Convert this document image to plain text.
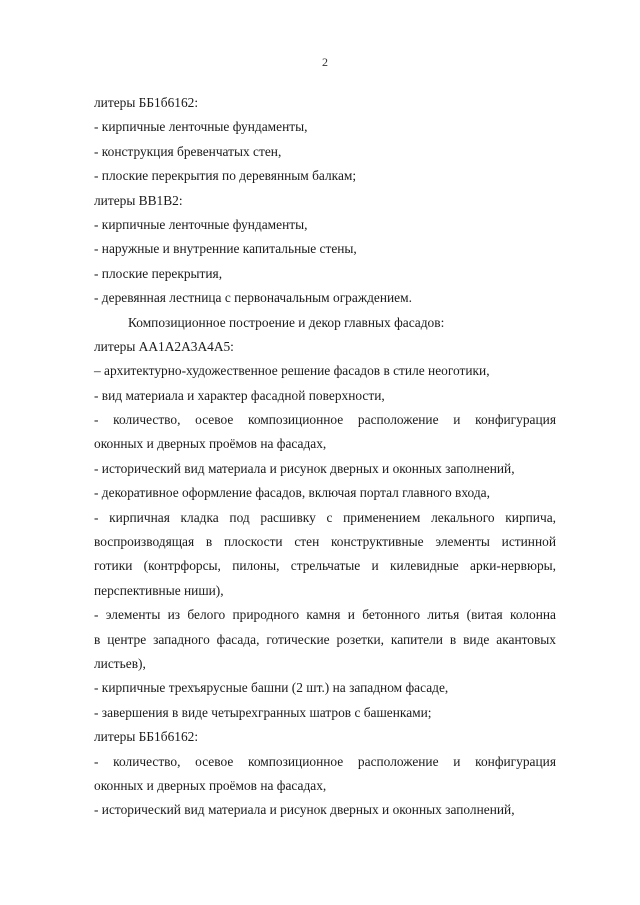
2
литеры ББ1б6162:
- кирпичные ленточные фундаменты,
- конструкция бревенчатых стен,
- плоские перекрытия по деревянным балкам;
литеры ВВ1В2:
- кирпичные ленточные фундаменты,
- наружные и внутренние капитальные стены,
- плоские перекрытия,
- деревянная лестница с первоначальным ограждением.
Композиционное построение и декор главных фасадов:
литеры АА1А2А3А4А5:
– архитектурно-художественное решение фасадов в стиле неоготики,
- вид материала и характер фасадной поверхности,
- количество, осевое композиционное расположение и конфигурация
оконных и дверных проёмов на фасадах,
- исторический вид материала и рисунок дверных и оконных заполнений,
- декоративное оформление фасадов, включая портал главного входа,
- кирпичная кладка под расшивку с применением лекального кирпича,
воспроизводящая в плоскости стен конструктивные элементы истинной
готики (контрфорсы, пилоны, стрельчатые и килевидные арки-нервюры,
перспективные ниши),
- элементы из белого природного камня и бетонного литья (витая колонна
в центре западного фасада, готические розетки, капители в виде акантовых
листьев),
- кирпичные трехъярусные башни (2 шт.) на западном фасаде,
- завершения в виде четырехгранных шатров с башенками;
литеры ББ1б6162:
- количество, осевое композиционное расположение и конфигурация
оконных и дверных проёмов на фасадах,
- исторический вид материала и рисунок дверных и оконных заполнений,
